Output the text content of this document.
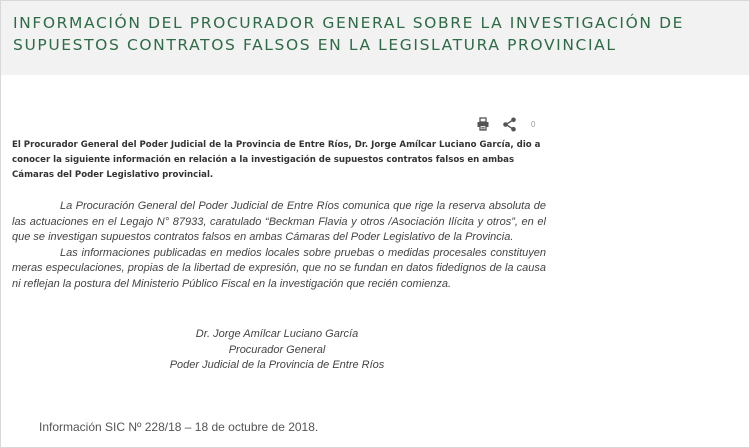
INFORMACIÓN DEL PROCURADOR GENERAL SOBRE LA INVESTIGACIÓN DE SUPUESTOS CONTRATOS FALSOS EN LA LEGISLATURA PROVINCIAL
0

El Procurador General del Poder Judicial de la Provincia de Entre Ríos, Dr. Jorge Amílcar Luciano García, dio a conocer la siguiente información en relación a la investigación de supuestos contratos falsos en ambas Cámaras del Poder Legislativo provincial.

La Procuración General del Poder Judicial de Entre Ríos comunica que rige la reserva absoluta de las actuaciones en el Legajo N° 87933, caratulado “Beckman Flavia y otros /Asociación Ilícita y otros”, en el que se investigan supuestos contratos falsos en ambas Cámaras del Poder Legislativo de la Provincia.

Las informaciones publicadas en medios locales sobre pruebas o medidas procesales constituyen meras especulaciones, propias de la libertad de expresión, que no se fundan en datos fidedignos de la causa ni reflejan la postura del Ministerio Público Fiscal en la investigación que recién comienza.

Dr. Jorge Amílcar Luciano García
Procurador General
Poder Judicial de la Provincia de Entre Ríos
Información SIC Nº 228/18 – 18 de octubre de 2018.
